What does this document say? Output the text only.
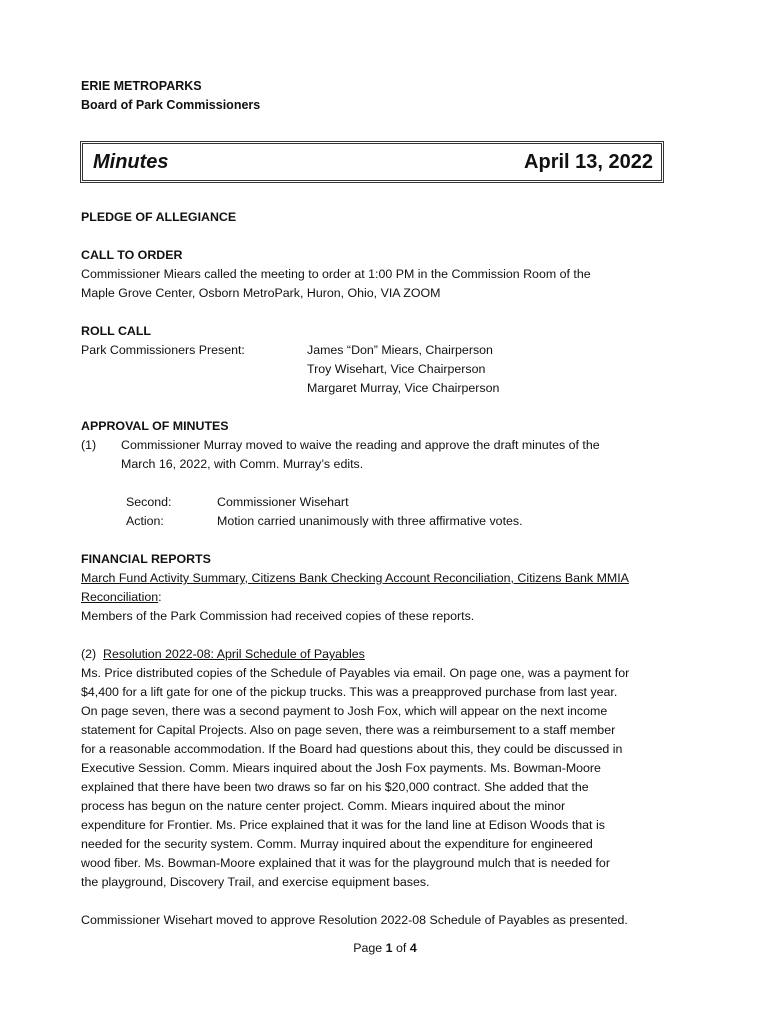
ERIE METROPARKS
Board of Park Commissioners
Minutes	April 13, 2022
PLEDGE OF ALLEGIANCE
CALL TO ORDER
Commissioner Miears called the meeting to order at 1:00 PM in the Commission Room of the
Maple Grove Center, Osborn MetroPark, Huron, Ohio, VIA ZOOM
ROLL CALL
Park Commissioners Present:	James “Don” Miears, Chairperson
Troy Wisehart, Vice Chairperson
Margaret Murray, Vice Chairperson
APPROVAL OF MINUTES
(1)	Commissioner Murray moved to waive the reading and approve the draft minutes of the
March 16, 2022, with Comm. Murray’s edits.
Second:	Commissioner Wisehart
Action:	Motion carried unanimously with three affirmative votes.
FINANCIAL REPORTS
March Fund Activity Summary, Citizens Bank Checking Account Reconciliation, Citizens Bank MMIA
Reconciliation:
Members of the Park Commission had received copies of these reports.
(2) Resolution 2022-08: April Schedule of Payables
Ms. Price distributed copies of the Schedule of Payables via email. On page one, was a payment for
$4,400 for a lift gate for one of the pickup trucks. This was a preapproved purchase from last year.
On page seven, there was a second payment to Josh Fox, which will appear on the next income
statement for Capital Projects. Also on page seven, there was a reimbursement to a staff member
for a reasonable accommodation. If the Board had questions about this, they could be discussed in
Executive Session. Comm. Miears inquired about the Josh Fox payments. Ms. Bowman-Moore
explained that there have been two draws so far on his $20,000 contract. She added that the
process has begun on the nature center project. Comm. Miears inquired about the minor
expenditure for Frontier. Ms. Price explained that it was for the land line at Edison Woods that is
needed for the security system. Comm. Murray inquired about the expenditure for engineered
wood fiber. Ms. Bowman-Moore explained that it was for the playground mulch that is needed for
the playground, Discovery Trail, and exercise equipment bases.
Commissioner Wisehart moved to approve Resolution 2022-08 Schedule of Payables as presented.
Page 1 of 4
